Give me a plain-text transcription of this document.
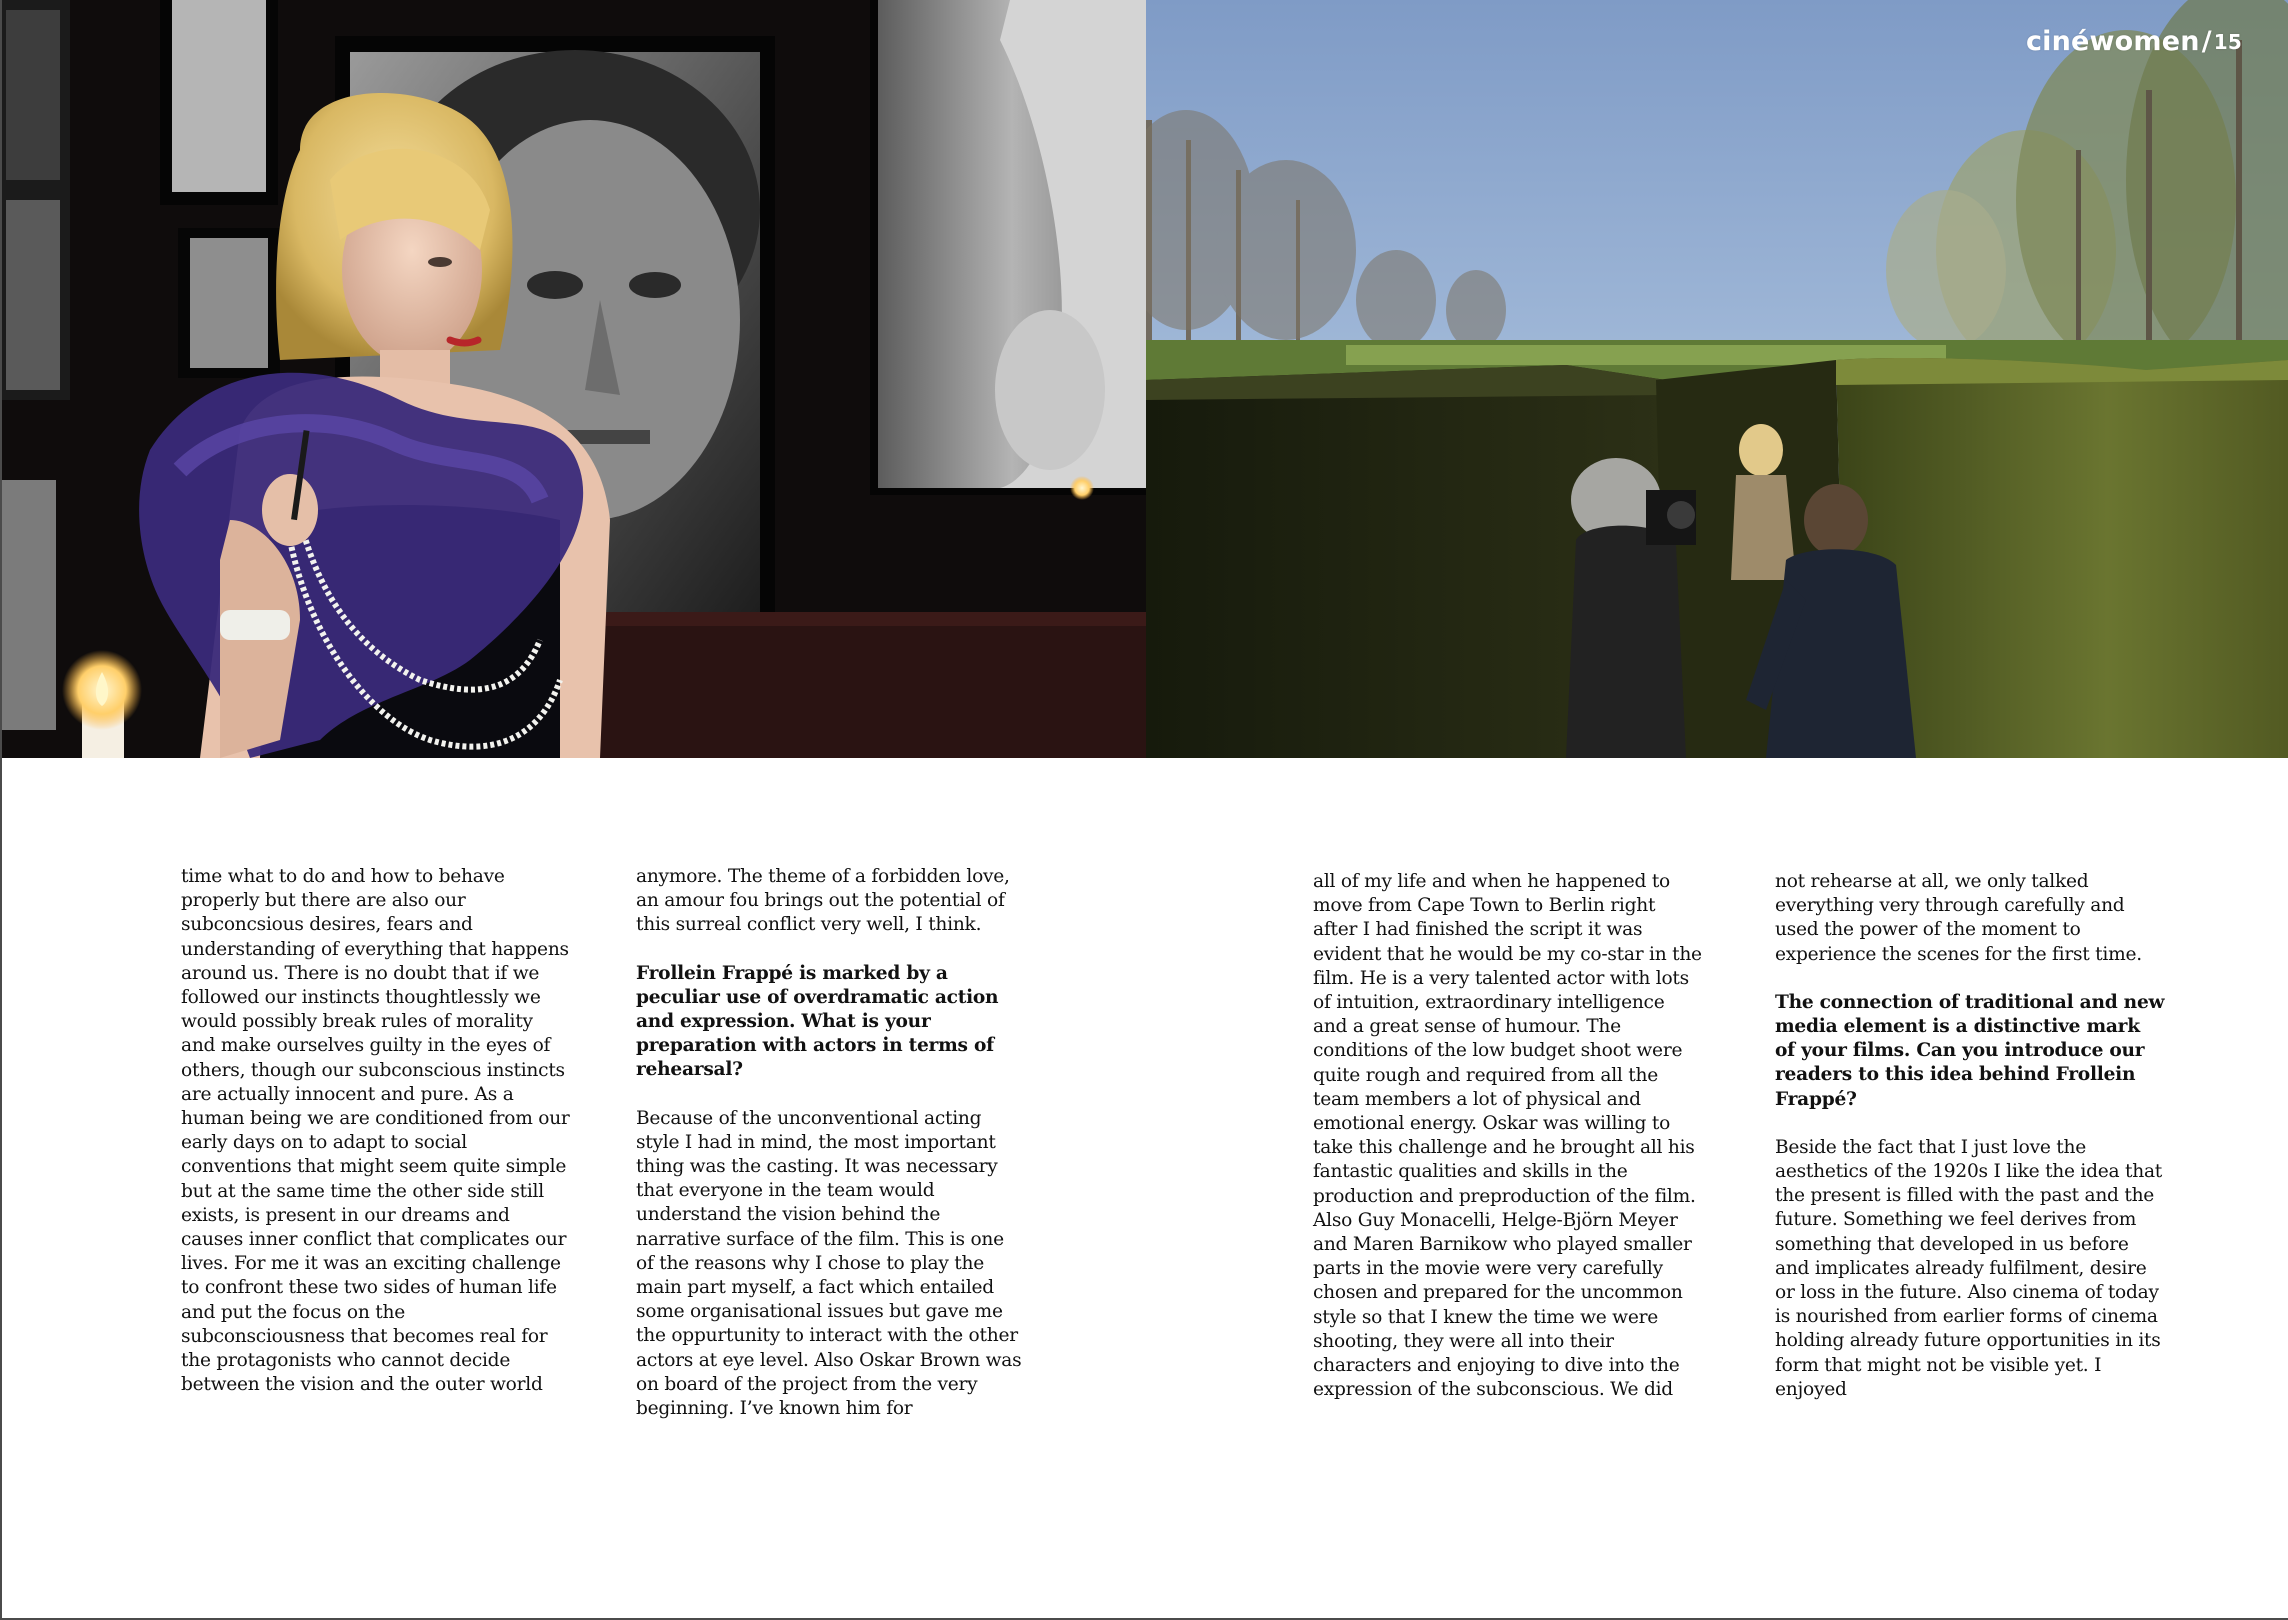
cinéwomen/ 15

time what to do and how to behave properly but there are also our subconcsious desires, fears and understanding of everything that happens around us. There is no doubt that if we followed our instincts thoughtlessly we would possibly break rules of morality and make ourselves guilty in the eyes of others, though our subconscious instincts are actually innocent and pure. As a human being we are conditioned from our early days on to adapt to social conventions that might seem quite simple but at the same time the other side still exists, is present in our dreams and causes inner conflict that complicates our lives. For me it was an exciting challenge to confront these two sides of human life and put the focus on the subconsciousness that becomes real for the protagonists who cannot decide between the vision and the outer world

anymore. The theme of a forbidden love, an amour fou brings out the potential of this surreal conflict very well, I think.

Frollein Frappé is marked by a peculiar use of overdramatic action and expression. What is your preparation with actors in terms of rehearsal?

Because of the unconventional acting style I had in mind, the most important thing was the casting. It was necessary that everyone in the team would understand the vision behind the narrative surface of the film. This is one of the reasons why I chose to play the main part myself, a fact which entailed some organisational issues but gave me the oppurtunity to interact with the other actors at eye level. Also Oskar Brown was on board of the project from the very beginning. I’ve known him for

all of my life and when he happened to move from Cape Town to Berlin right after I had finished the script it was evident that he would be my co-star in the film. He is a very talented actor with lots of intuition, extraordinary intelligence and a great sense of humour. The conditions of the low budget shoot were quite rough and required from all the team members a lot of physical and emotional energy. Oskar was willing to take this challenge and he brought all his fantastic qualities and skills in the production and preproduction of the film. Also Guy Monacelli, Helge-Björn Meyer and Maren Barnikow who played smaller parts in the movie were very carefully chosen and prepared for the uncommon style so that I knew the time we were shooting, they were all into their characters and enjoying to dive into the expression of the subconscious. We did

not rehearse at all, we only talked everything very through carefully and used the power of the moment to experience the scenes for the first time.

The connection of traditional and new media element is a distinctive mark of your films. Can you introduce our readers to this idea behind Frollein Frappé?

Beside the fact that I just love the aesthetics of the 1920s I like the idea that the present is filled with the past and the future. Something we feel derives from something that developed in us before and implicates already fulfilment, desire or loss in the future. Also cinema of today is nourished from earlier forms of cinema holding already future opportunities in its form that might not be visible yet. I enjoyed
